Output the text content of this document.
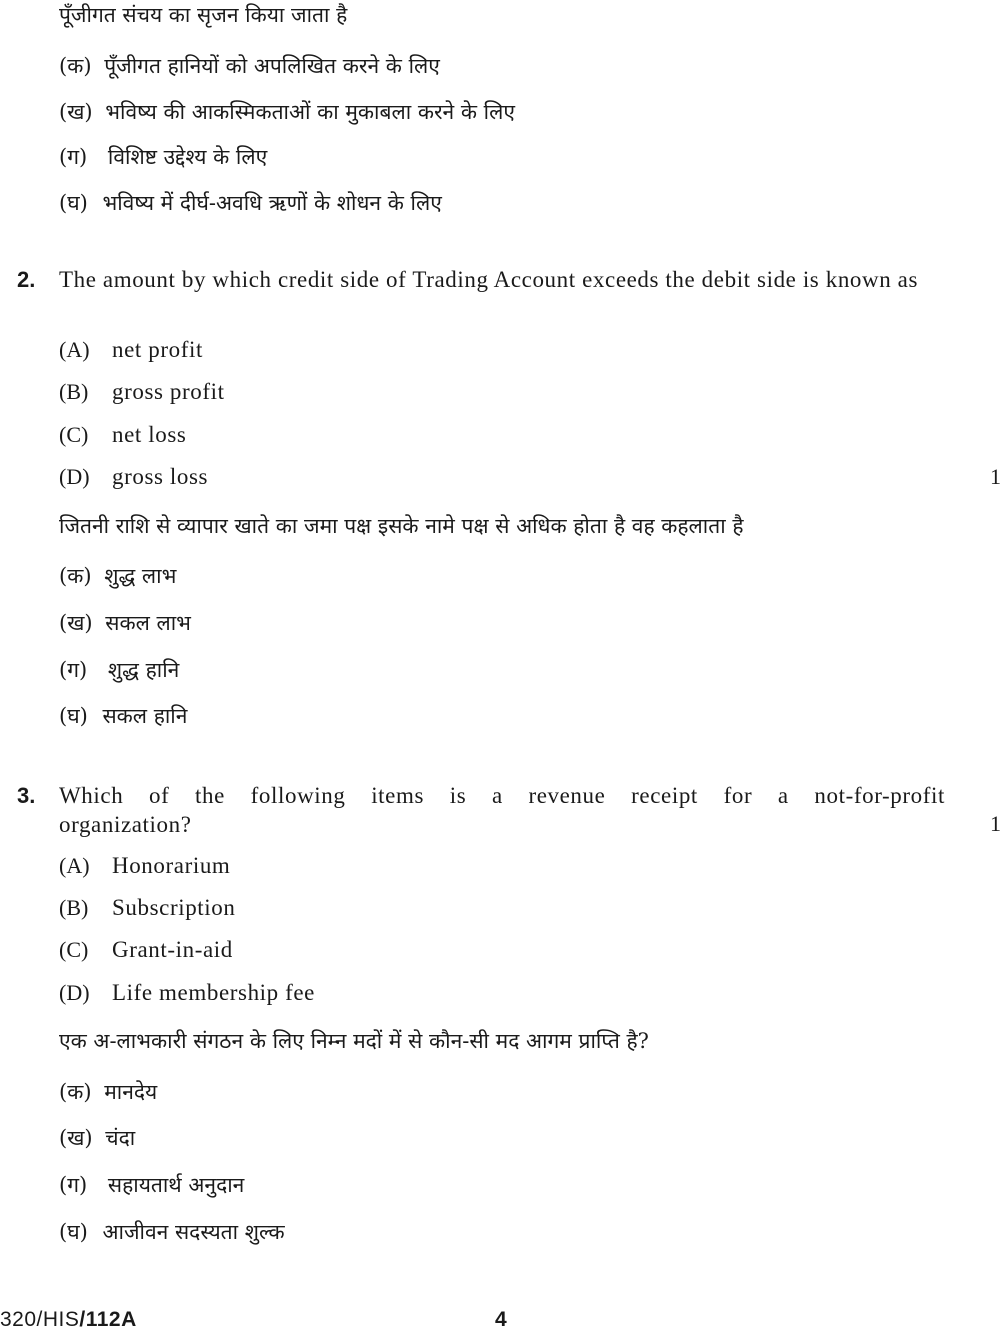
पूँजीगत संचय का सृजन किया जाता है
(क) पूँजीगत हानियों को अपलिखित करने के लिए
(ख) भविष्य की आकस्मिकताओं का मुकाबला करने के लिए
(ग) विशिष्ट उद्देश्य के लिए
(घ) भविष्य में दीर्घ-अवधि ऋणों के शोधन के लिए
2. The amount by which credit side of Trading Account exceeds the debit side is known as
(A) net profit
(B) gross profit
(C) net loss
(D) gross loss	1
जितनी राशि से व्यापार खाते का जमा पक्ष इसके नामे पक्ष से अधिक होता है वह कहलाता है
(क) शुद्ध लाभ
(ख) सकल लाभ
(ग) शुद्ध हानि
(घ) सकल हानि
3. Which of the following items is a revenue receipt for a not-for-profit organization?	1
(A) Honorarium
(B) Subscription
(C) Grant-in-aid
(D) Life membership fee
एक अ-लाभकारी संगठन के लिए निम्न मदों में से कौन-सी मद आगम प्राप्ति है?
(क) मानदेय
(ख) चंदा
(ग) सहायतार्थ अनुदान
(घ) आजीवन सदस्यता शुल्क
320/HIS/112A	4
